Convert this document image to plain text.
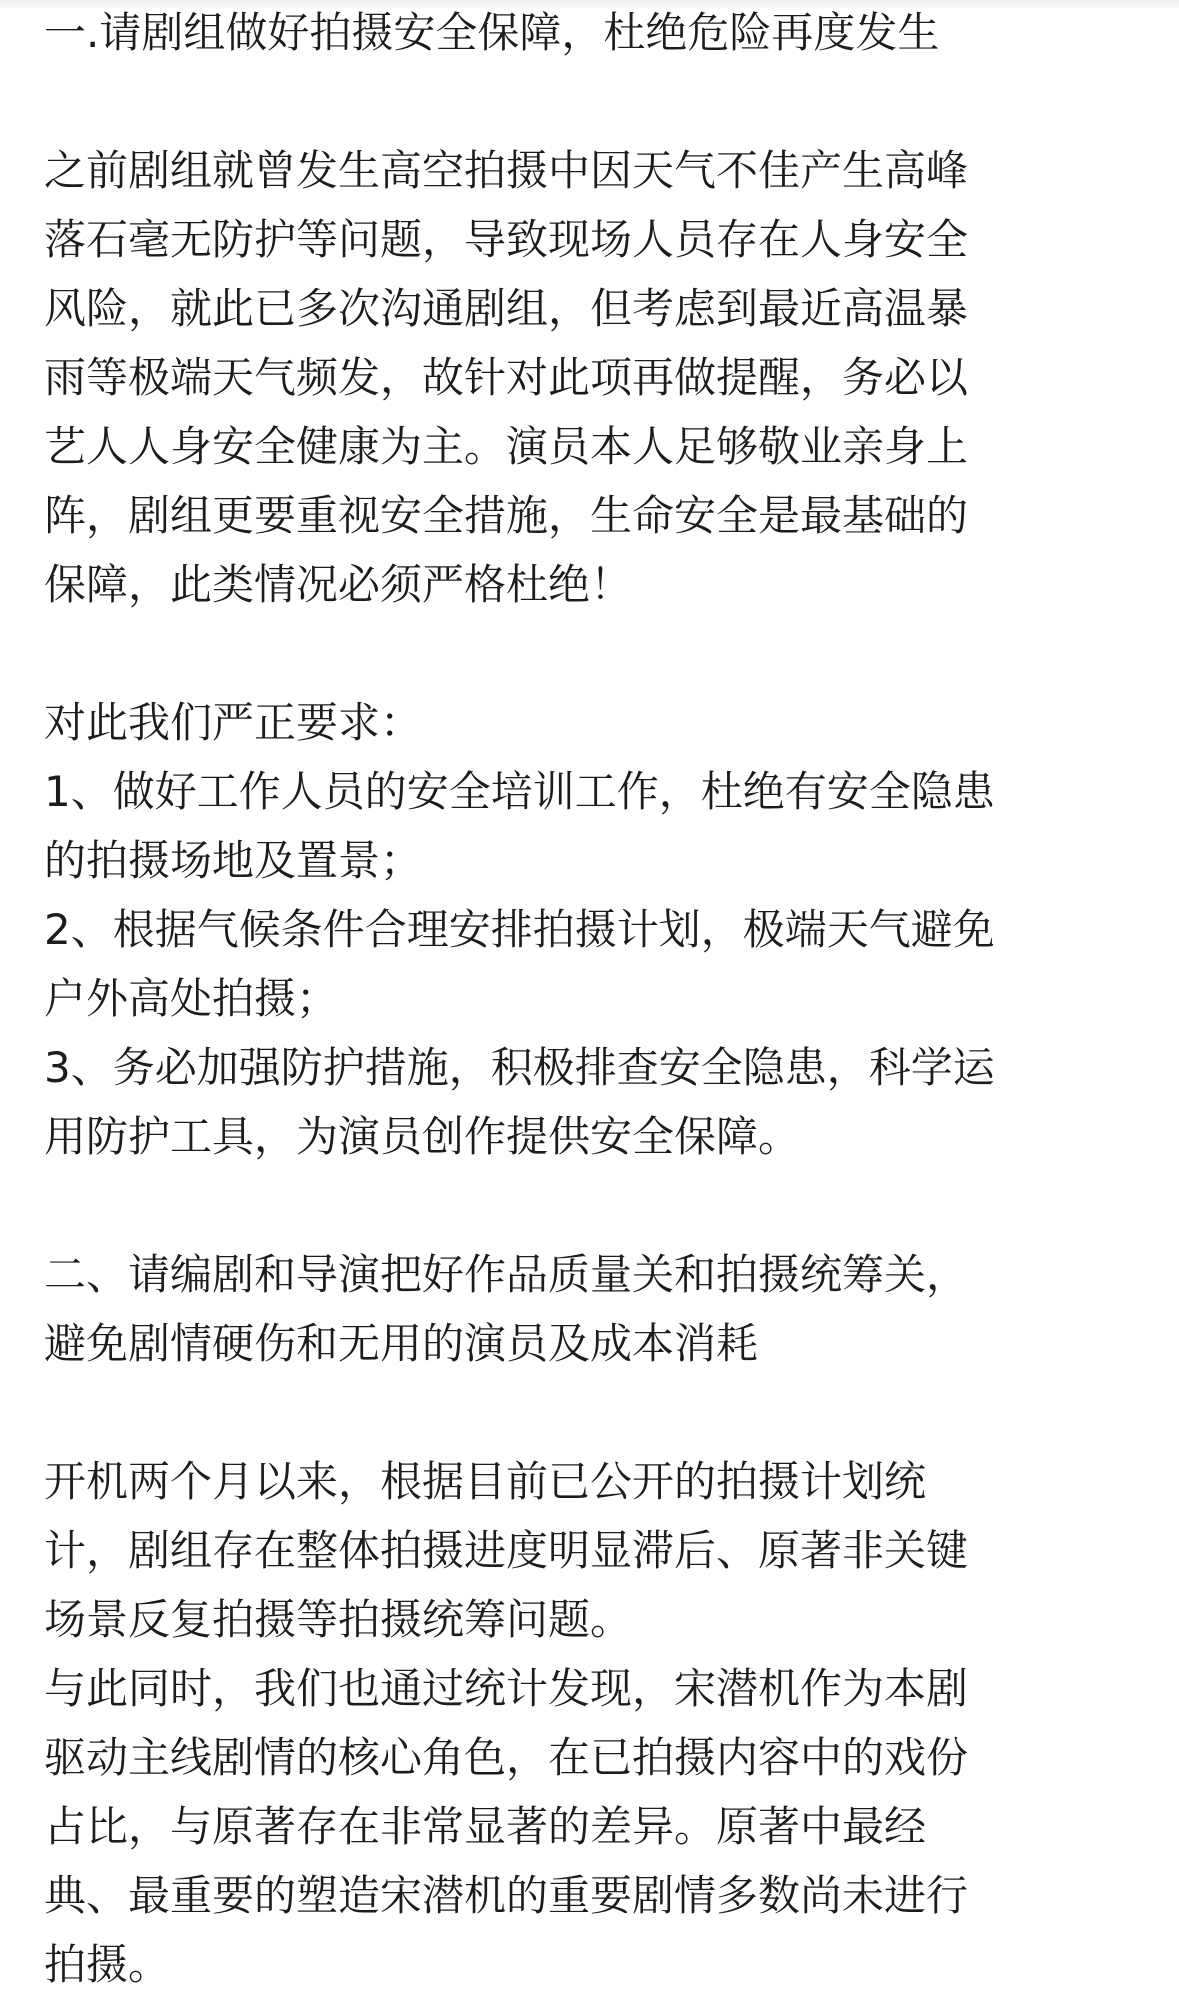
一.请剧组做好拍摄安全保障，杜绝危险再度发生
之前剧组就曾发生高空拍摄中因天气不佳产生高峰
落石毫无防护等问题，导致现场人员存在人身安全
风险，就此已多次沟通剧组，但考虑到最近高温暴
雨等极端天气频发，故针对此项再做提醒，务必以
艺人人身安全健康为主。演员本人足够敬业亲身上
阵，剧组更要重视安全措施，生命安全是最基础的
保障，此类情况必须严格杜绝！
对此我们严正要求：
1、做好工作人员的安全培训工作，杜绝有安全隐患
的拍摄场地及置景；
2、根据气候条件合理安排拍摄计划，极端天气避免
户外高处拍摄；
3、务必加强防护措施，积极排查安全隐患，科学运
用防护工具，为演员创作提供安全保障。
二、请编剧和导演把好作品质量关和拍摄统筹关，
避免剧情硬伤和无用的演员及成本消耗
开机两个月以来，根据目前已公开的拍摄计划统
计，剧组存在整体拍摄进度明显滞后、原著非关键
场景反复拍摄等拍摄统筹问题。
与此同时，我们也通过统计发现，宋潜机作为本剧
驱动主线剧情的核心角色，在已拍摄内容中的戏份
占比，与原著存在非常显著的差异。原著中最经
典、最重要的塑造宋潜机的重要剧情多数尚未进行
拍摄。
